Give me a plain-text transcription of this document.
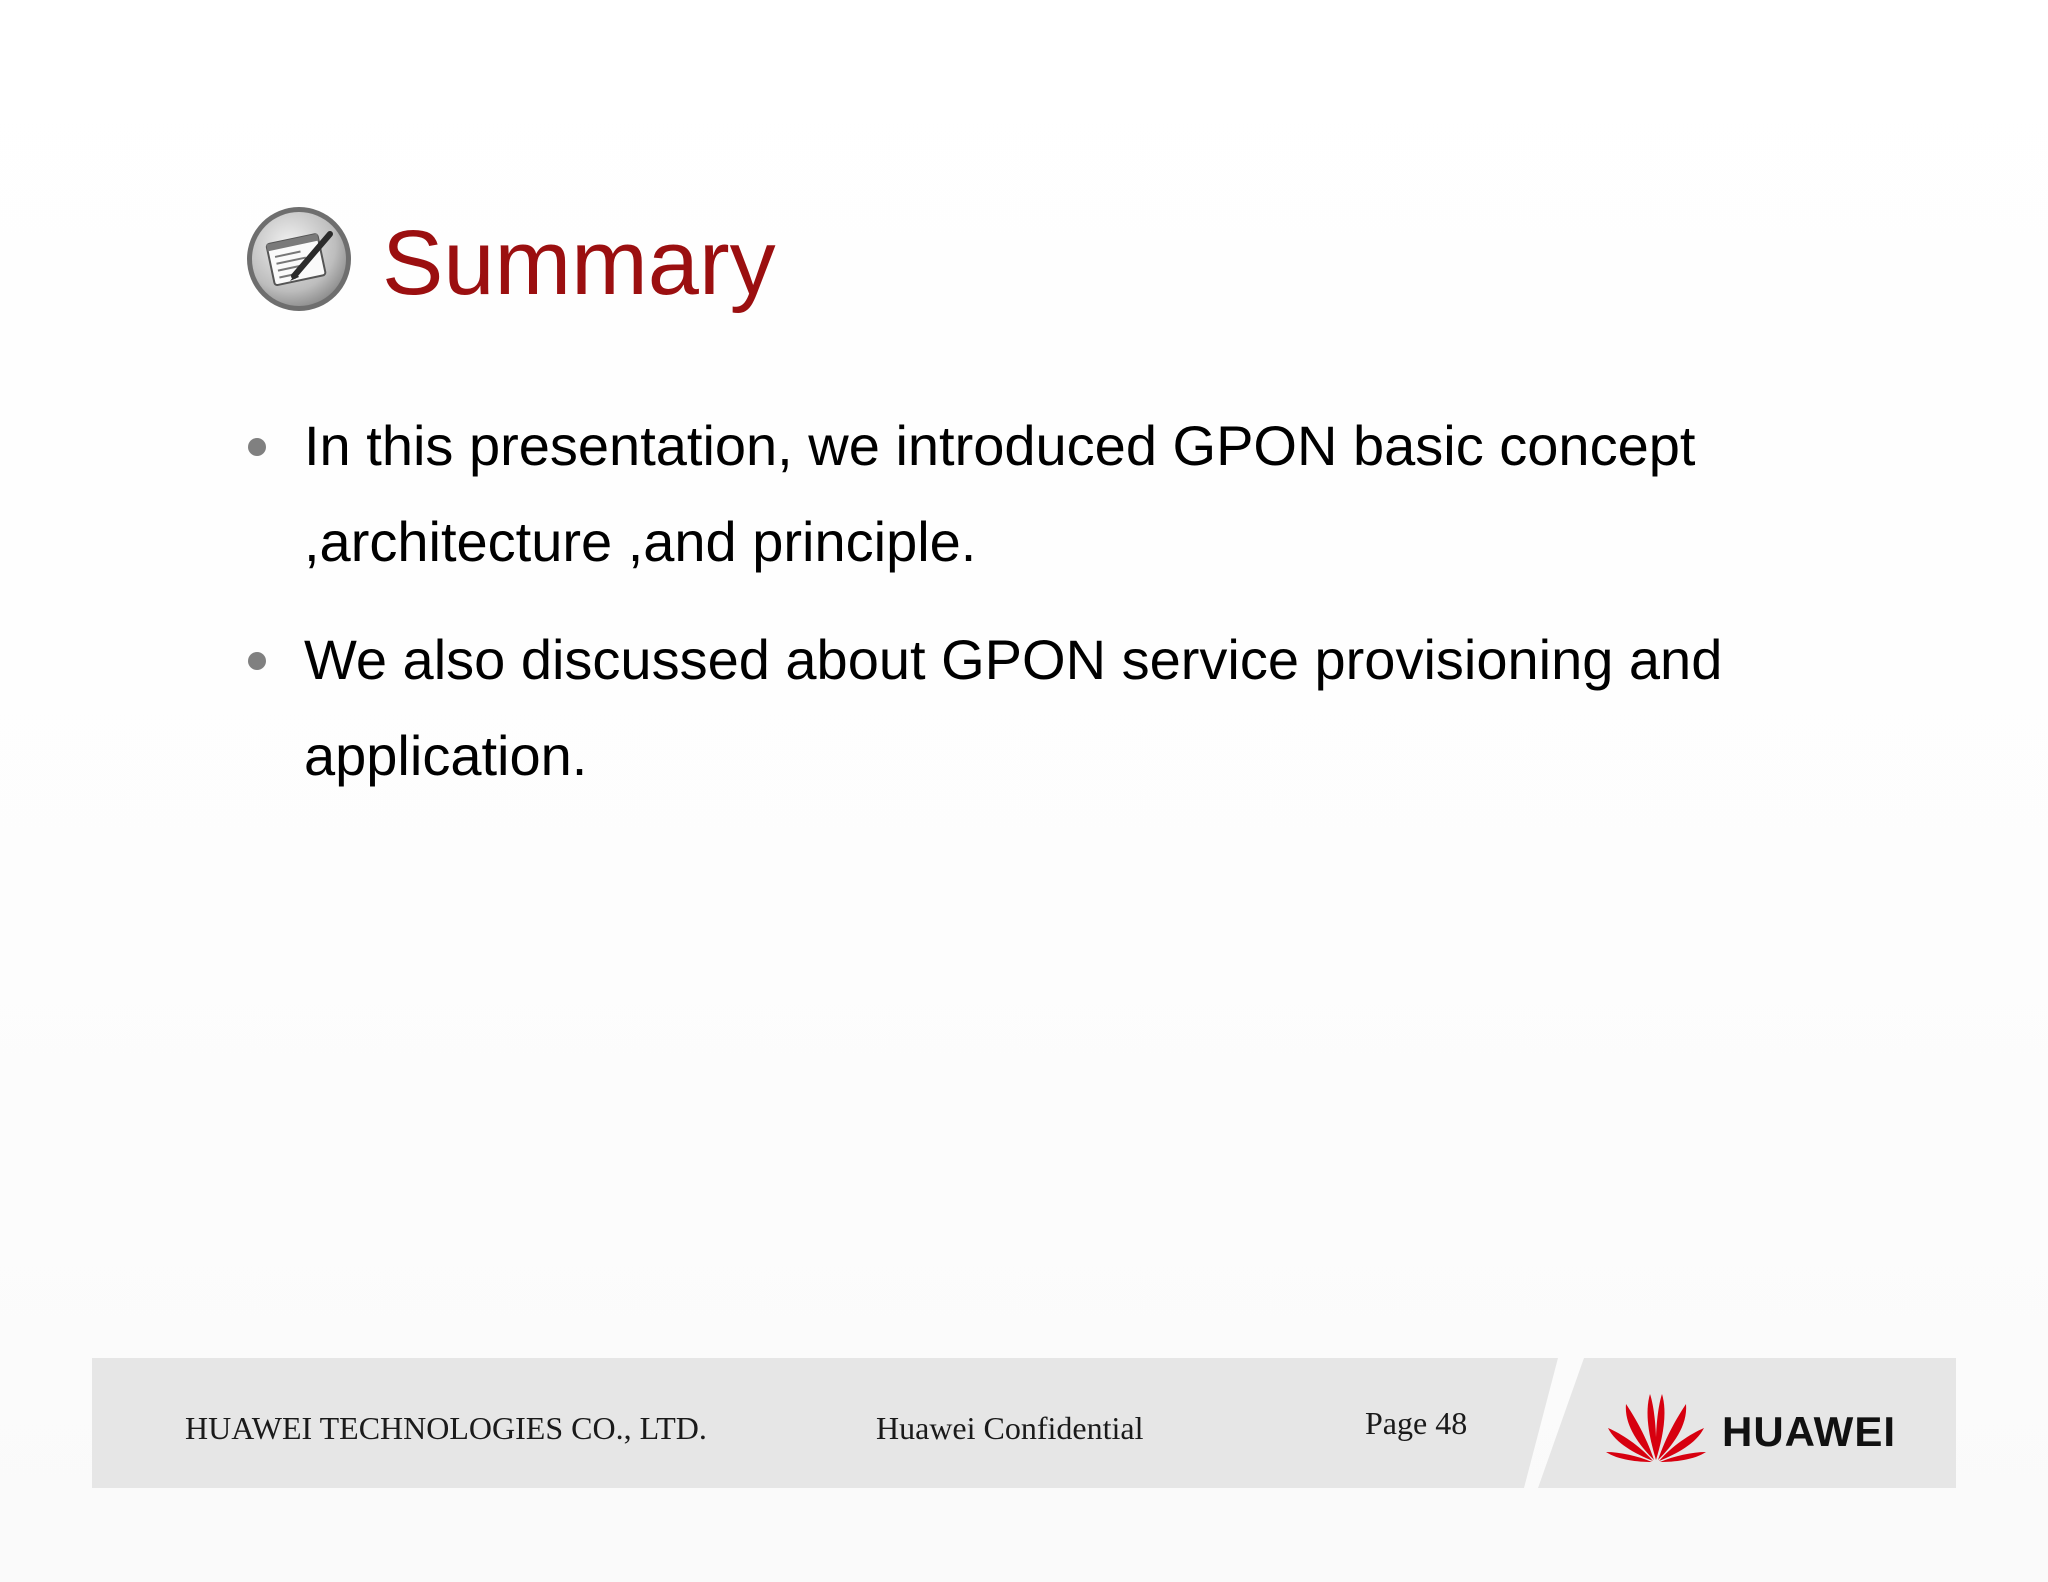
Summary
In this presentation, we introduced GPON basic concept ,architecture ,and principle.
We also discussed about GPON service provisioning and application.
HUAWEI TECHNOLOGIES CO., LTD.	Huawei Confidential	Page 48	HUAWEI
